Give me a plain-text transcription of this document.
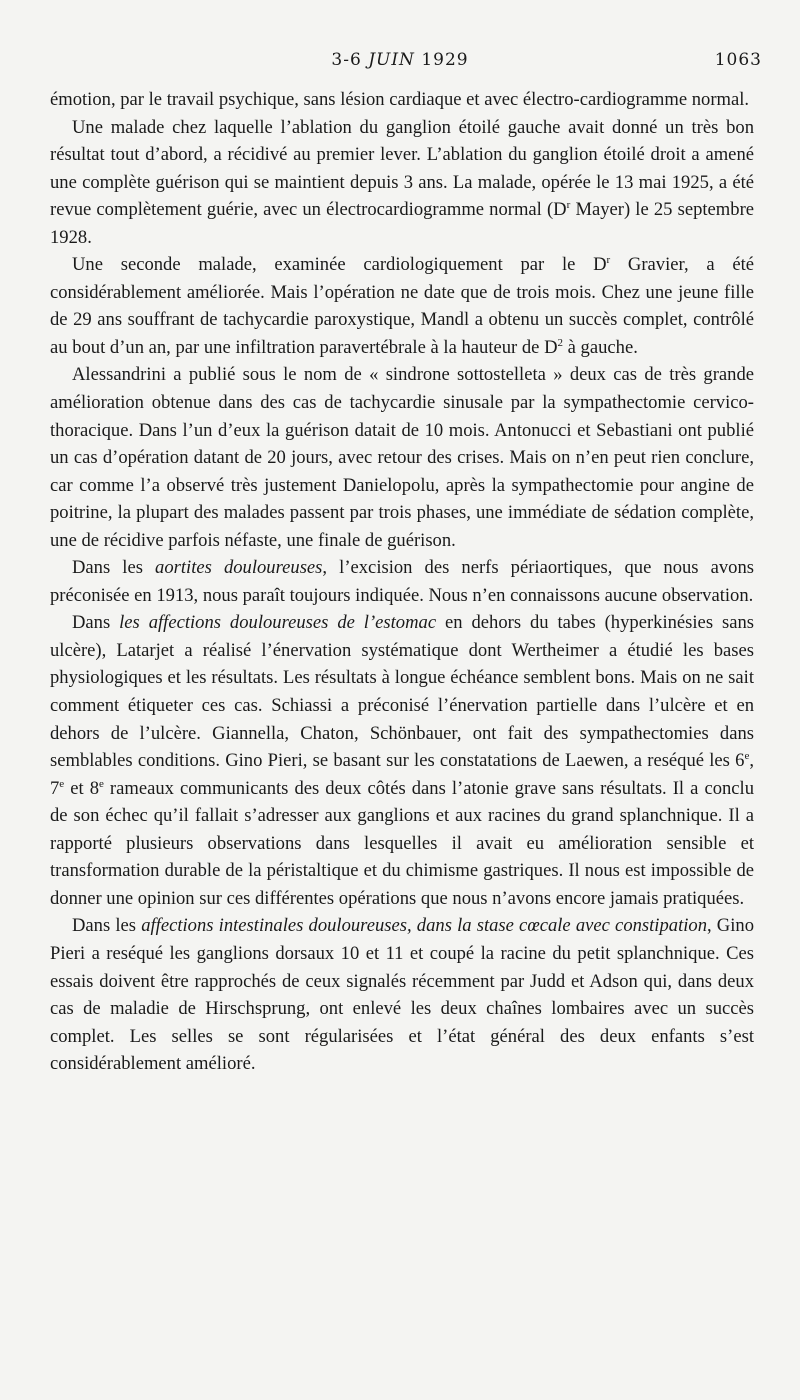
3-6 JUIN 1929	1063

émotion, par le travail psychique, sans lésion cardiaque et avec électro-cardiogramme normal.

Une malade chez laquelle l’ablation du ganglion étoilé gauche avait donné un très bon résultat tout d’abord, a récidivé au premier lever. L’ablation du ganglion étoilé droit a amené une complète guérison qui se maintient depuis 3 ans. La malade, opérée le 13 mai 1925, a été revue complètement guérie, avec un électrocardiogramme normal ($D^r$ Mayer) le 25 septembre 1928.

Une seconde malade, examinée cardiologiquement par le $D^r$ Gravier, a été considérablement améliorée. Mais l’opération ne date que de trois mois. Chez une jeune fille de 29 ans souffrant de tachycardie paroxystique, Mandl a obtenu un succès complet, contrôlé au bout d’un an, par une infiltration paravertébrale à la hauteur de $D^2$ à gauche.

Alessandrini a publié sous le nom de « sindrone sottostelleta » deux cas de très grande amélioration obtenue dans des cas de tachycardie sinusale par la sympathectomie cervico-thoracique. Dans l’un d’eux la guérison datait de 10 mois. Antonucci et Sebastiani ont publié un cas d’opération datant de 20 jours, avec retour des crises. Mais on n’en peut rien conclure, car comme l’a observé très justement Danielopolu, après la sympathectomie pour angine de poitrine, la plupart des malades passent par trois phases, une immédiate de sédation complète, une de récidive parfois néfaste, une finale de guérison.

Dans les aortites douloureuses, l’excision des nerfs périaortiques, que nous avons préconisée en 1913, nous paraît toujours indiquée. Nous n’en connaissons aucune observation.

Dans les affections douloureuses de l’estomac en dehors du tabes (hyperkinésies sans ulcère), Latarjet a réalisé l’énervation systématique dont Wertheimer a étudié les bases physiologiques et les résultats. Les résultats à longue échéance semblent bons. Mais on ne sait comment étiqueter ces cas. Schiassi a préconisé l’énervation partielle dans l’ulcère et en dehors de l’ulcère. Giannella, Chaton, Schönbauer, ont fait des sympathectomies dans semblables conditions. Gino Pieri, se basant sur les constatations de Laewen, a reséqué les 6e, 7e et 8e rameaux communicants des deux côtés dans l’atonie grave sans résultats. Il a conclu de son échec qu’il fallait s’adresser aux ganglions et aux racines du grand splanchnique. Il a rapporté plusieurs observations dans lesquelles il avait eu amélioration sensible et transformation durable de la péristaltique et du chimisme gastriques. Il nous est impossible de donner une opinion sur ces différentes opérations que nous n’avons encore jamais pratiquées.

Dans les affections intestinales douloureuses, dans la stase cœcale avec constipation, Gino Pieri a reséqué les ganglions dorsaux 10 et 11 et coupé la racine du petit splanchnique. Ces essais doivent être rapprochés de ceux signalés récemment par Judd et Adson qui, dans deux cas de maladie de Hirschsprung, ont enlevé les deux chaînes lombaires avec un succès complet. Les selles se sont régularisées et l’état général des deux enfants s’est considérablement amélioré.
